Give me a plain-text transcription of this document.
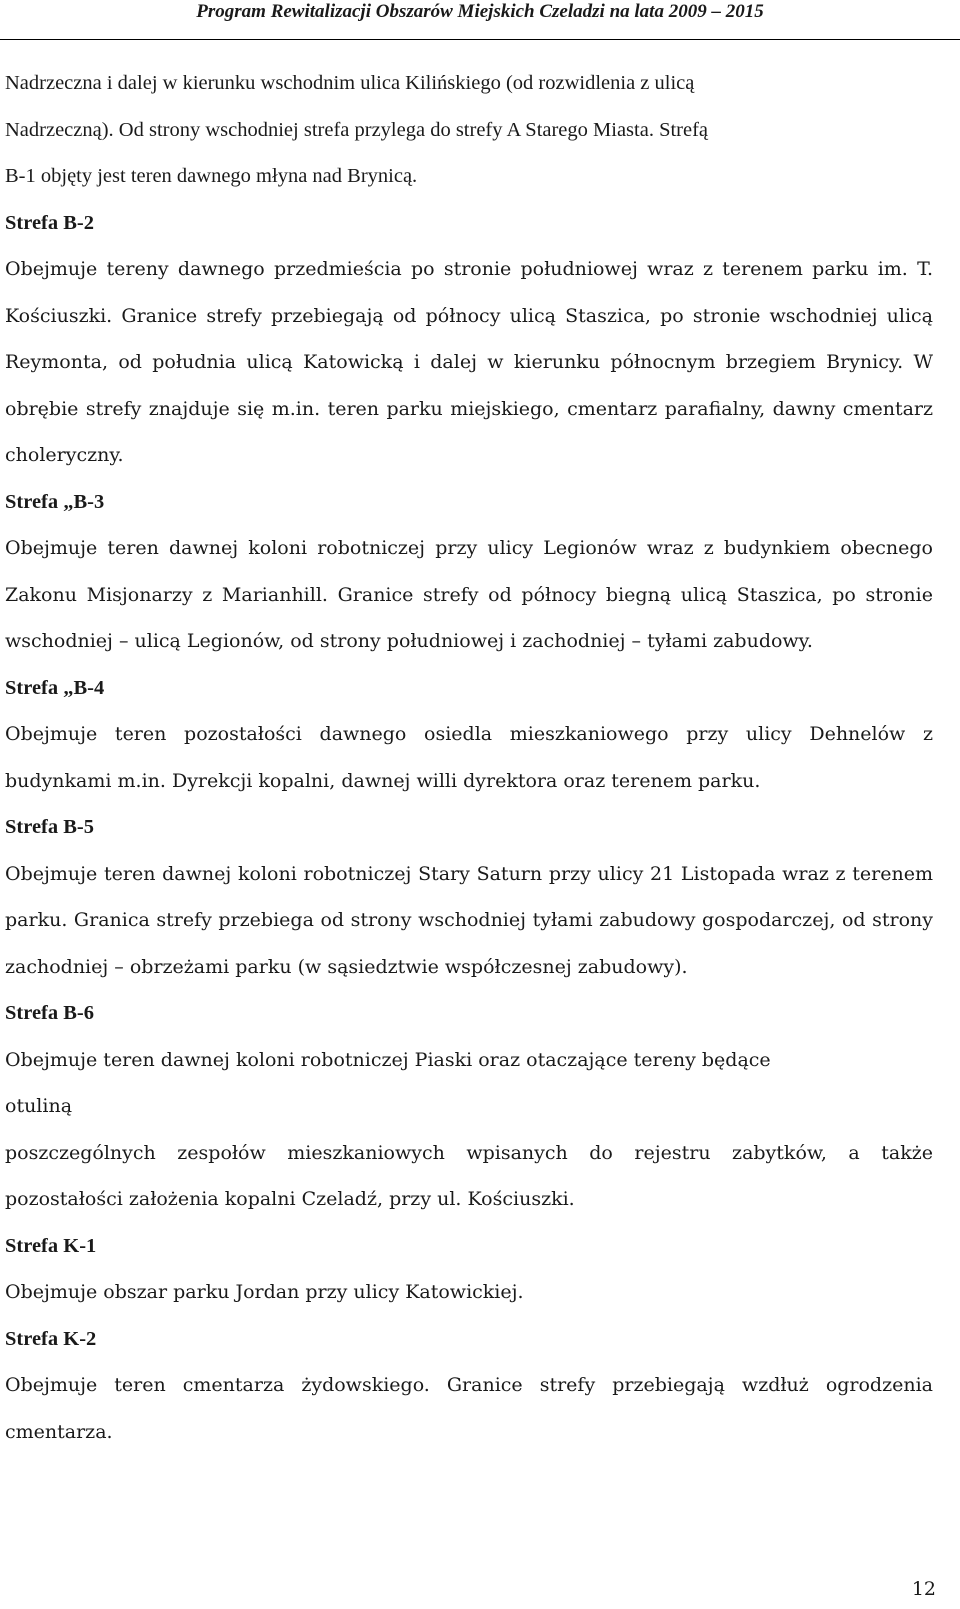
Program Rewitalizacji Obszarów Miejskich Czeladzi na lata 2009 – 2015

Nadrzeczna i dalej w kierunku wschodnim ulica Kilińskiego (od rozwidlenia z ulicą
Nadrzeczną). Od strony wschodniej strefa przylega do strefy A Starego Miasta. Strefą
B-1 objęty jest teren dawnego młyna nad Brynicą.

Strefa B-2

Obejmuje tereny dawnego przedmieścia po stronie południowej wraz z terenem parku im. T. Kościuszki. Granice strefy przebiegają od północy ulicą Staszica, po stronie wschodniej ulicą Reymonta, od południa ulicą Katowicką i dalej w kierunku północnym brzegiem Brynicy. W obrębie strefy znajduje się m.in. teren parku miejskiego, cmentarz parafialny, dawny cmentarz choleryczny.

Strefa „B-3

Obejmuje teren dawnej koloni robotniczej przy ulicy Legionów wraz z budynkiem obecnego Zakonu Misjonarzy z Marianhill. Granice strefy od północy biegną ulicą Staszica, po stronie wschodniej – ulicą Legionów, od strony południowej i zachodniej – tyłami zabudowy.

Strefa „B-4

Obejmuje teren pozostałości dawnego osiedla mieszkaniowego przy ulicy Dehnelów z budynkami m.in. Dyrekcji kopalni, dawnej willi dyrektora oraz terenem parku.

Strefa B-5

Obejmuje teren dawnej koloni robotniczej Stary Saturn przy ulicy 21 Listopada wraz z terenem parku. Granica strefy przebiega od strony wschodniej tyłami zabudowy gospodarczej, od strony zachodniej – obrzeżami parku (w sąsiedztwie współczesnej zabudowy).

Strefa B-6

Obejmuje teren dawnej koloni robotniczej Piaski oraz otaczające tereny będące

otuliną

poszczególnych zespołów mieszkaniowych wpisanych do rejestru zabytków, a także pozostałości założenia kopalni Czeladź, przy ul. Kościuszki.

Strefa K-1

Obejmuje obszar parku Jordan przy ulicy Katowickiej.

Strefa K-2

Obejmuje teren cmentarza żydowskiego. Granice strefy przebiegają wzdłuż ogrodzenia cmentarza.

12
